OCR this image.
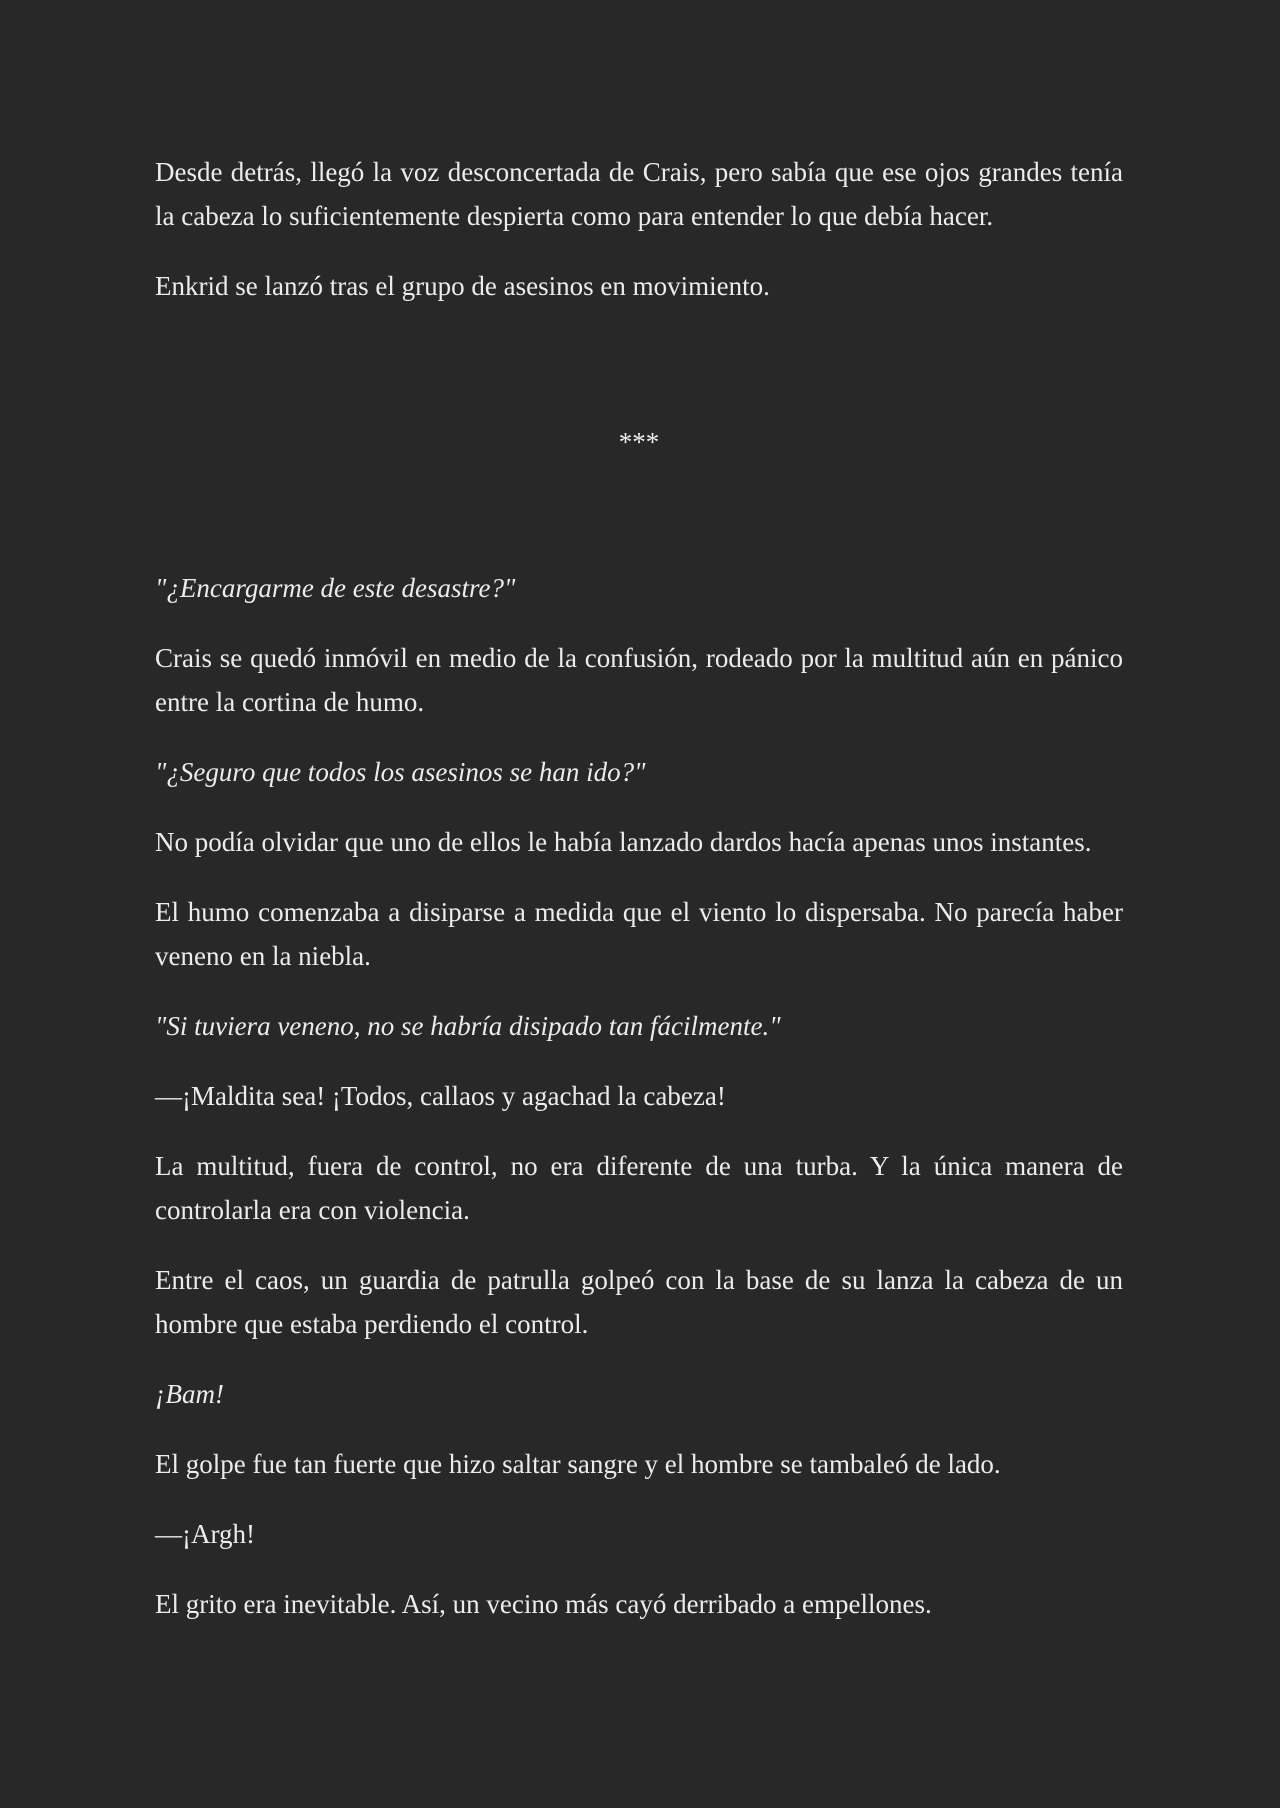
Desde detrás, llegó la voz desconcertada de Crais, pero sabía que ese ojos grandes tenía la cabeza lo suficientemente despierta como para entender lo que debía hacer.

Enkrid se lanzó tras el grupo de asesinos en movimiento.

***

"¿Encargarme de este desastre?"

Crais se quedó inmóvil en medio de la confusión, rodeado por la multitud aún en pánico entre la cortina de humo.

"¿Seguro que todos los asesinos se han ido?"

No podía olvidar que uno de ellos le había lanzado dardos hacía apenas unos instantes.

El humo comenzaba a disiparse a medida que el viento lo dispersaba. No parecía haber veneno en la niebla.

"Si tuviera veneno, no se habría disipado tan fácilmente."

—¡Maldita sea! ¡Todos, callaos y agachad la cabeza!

La multitud, fuera de control, no era diferente de una turba. Y la única manera de controlarla era con violencia.

Entre el caos, un guardia de patrulla golpeó con la base de su lanza la cabeza de un hombre que estaba perdiendo el control.

¡Bam!

El golpe fue tan fuerte que hizo saltar sangre y el hombre se tambaleó de lado.

—¡Argh!

El grito era inevitable. Así, un vecino más cayó derribado a empellones.
